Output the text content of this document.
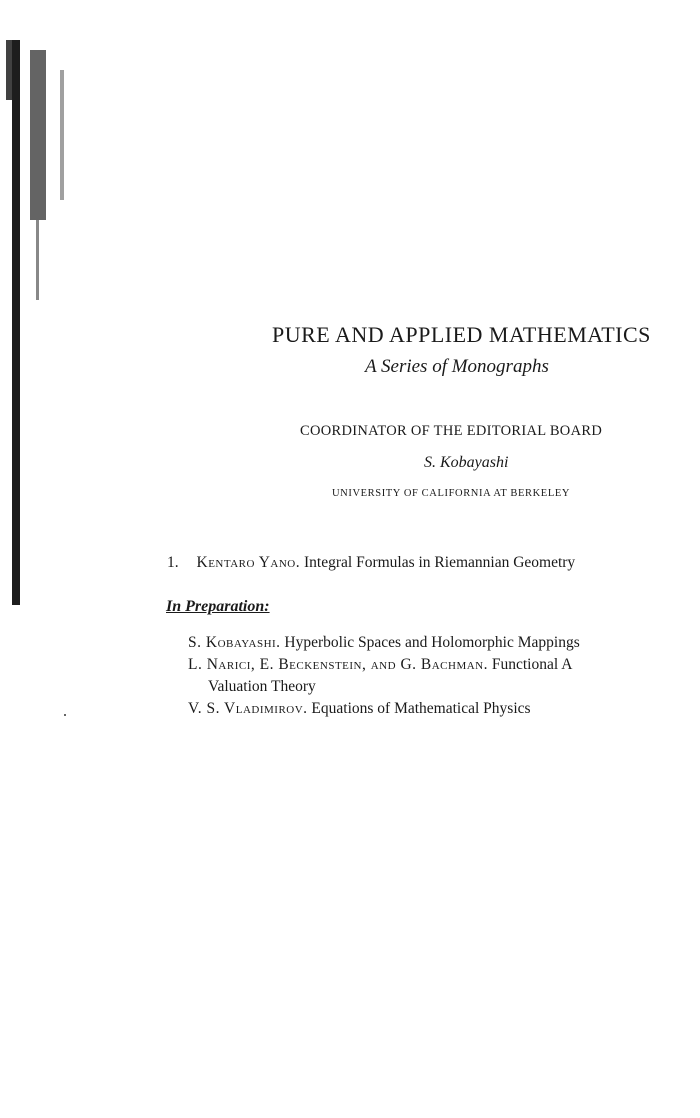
PURE AND APPLIED MATHEMATICS
A Series of Monographs
COORDINATOR OF THE EDITORIAL BOARD
S. Kobayashi
UNIVERSITY OF CALIFORNIA AT BERKELEY
1. Kentaro Yano. Integral Formulas in Riemannian Geometry
In Preparation:
S. Kobayashi. Hyperbolic Spaces and Holomorphic Mappings
L. Narici, E. Beckenstein, and G. Bachman. Functional A
Valuation Theory
V. S. Vladimirov. Equations of Mathematical Physics
